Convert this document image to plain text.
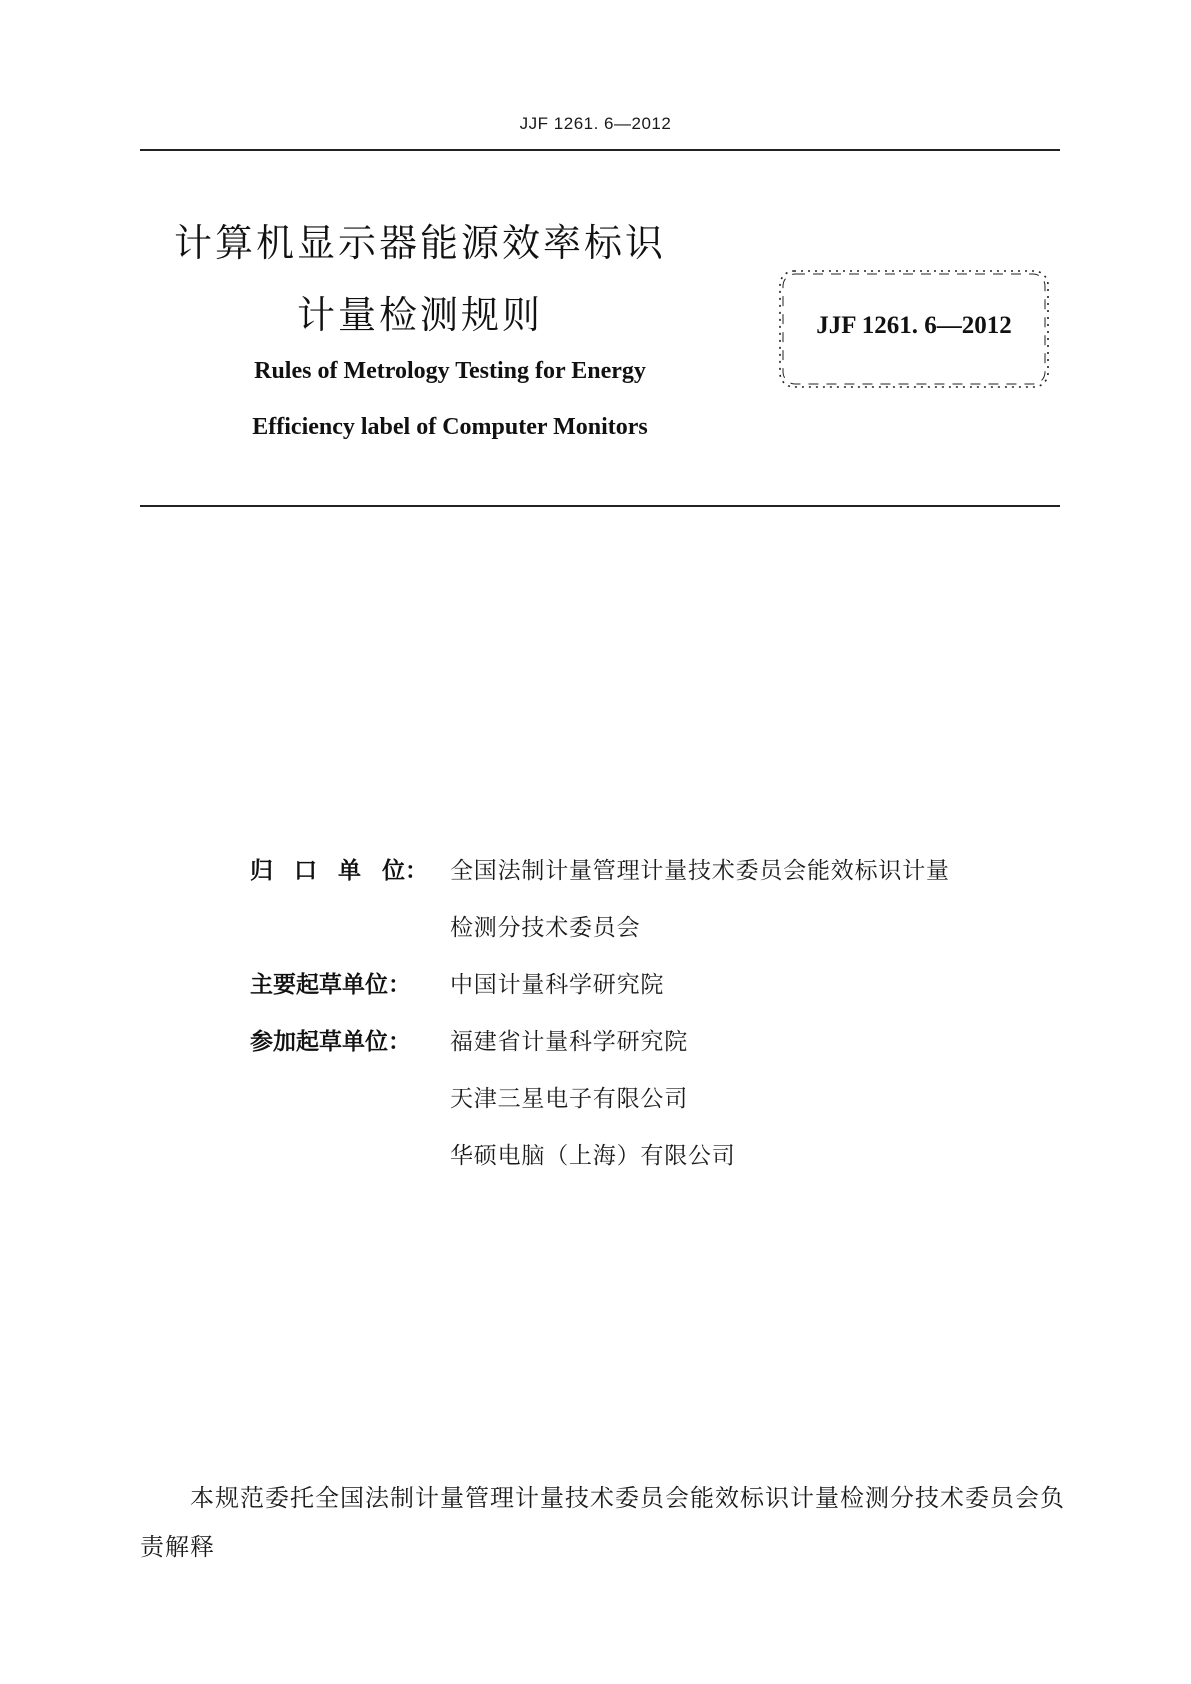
JJF 1261. 6—2012
计算机显示器能源效率标识
计量检测规则
Rules of Metrology Testing for Energy
Efficiency label of Computer Monitors
JJF 1261. 6—2012
归 口 单 位： 全国法制计量管理计量技术委员会能效标识计量
检测分技术委员会
主要起草单位：	中国计量科学研究院
参加起草单位：	福建省计量科学研究院
天津三星电子有限公司
华硕电脑（上海）有限公司
本规范委托全国法制计量管理计量技术委员会能效标识计量检测分技术委员会负责解释
